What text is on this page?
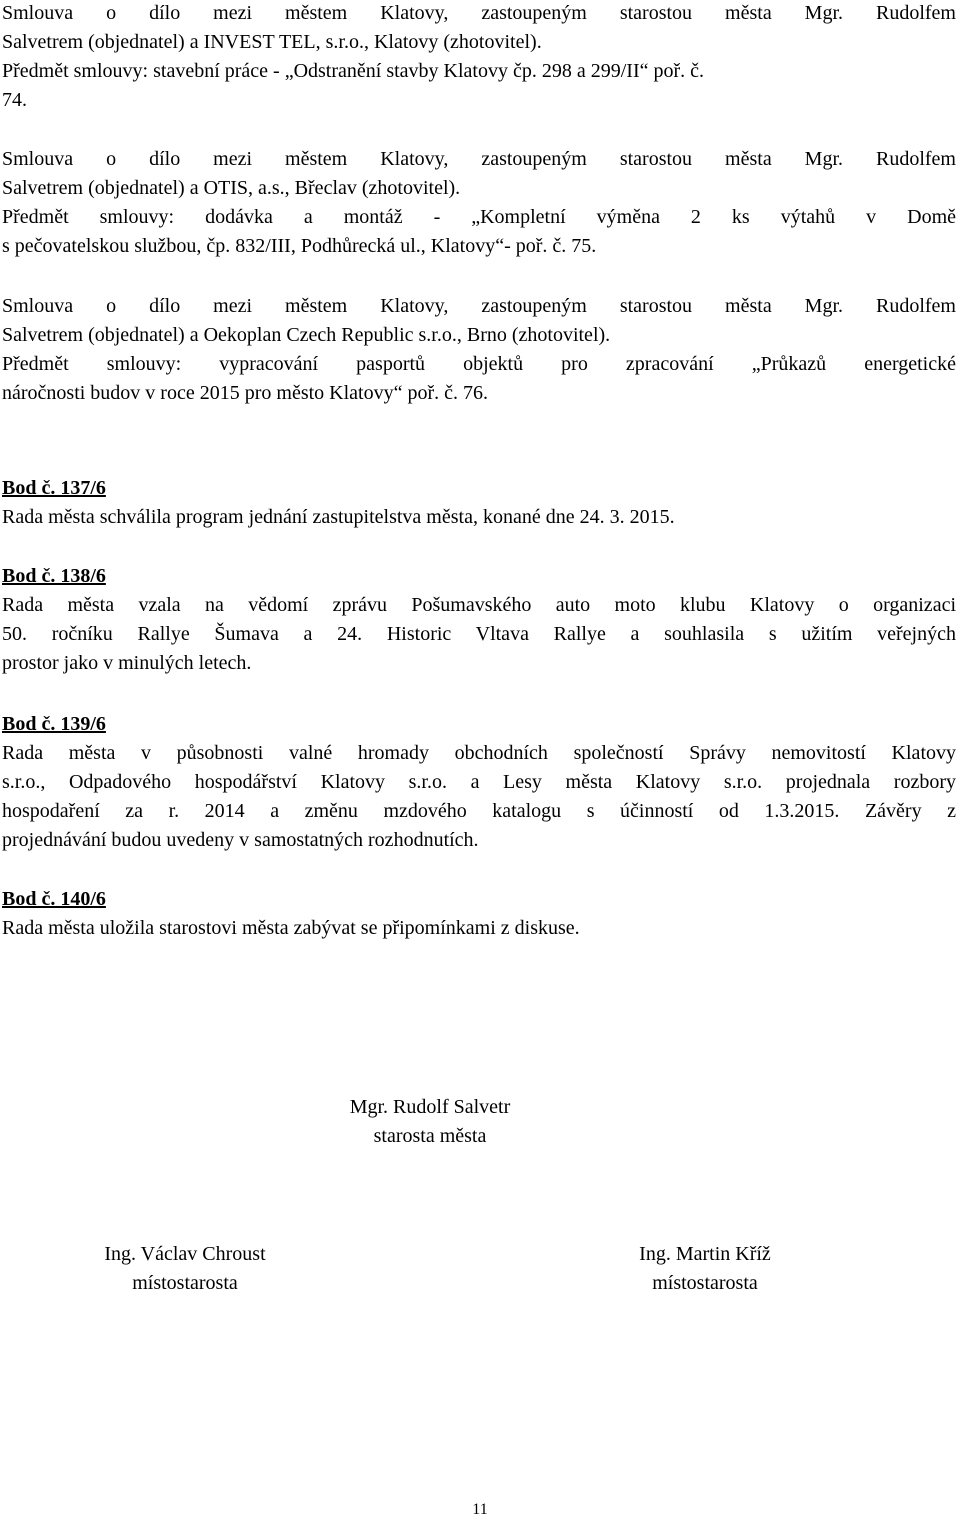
Smlouva o dílo mezi městem Klatovy, zastoupeným starostou města Mgr. Rudolfem
Salvetrem (objednatel) a INVEST TEL, s.r.o., Klatovy (zhotovitel).
Předmět smlouvy: stavební práce - „Odstranění stavby Klatovy čp. 298 a 299/II“ poř. č.
74.
Smlouva o dílo mezi městem Klatovy, zastoupeným starostou města Mgr. Rudolfem
Salvetrem (objednatel) a OTIS, a.s., Břeclav (zhotovitel).
Předmět smlouvy: dodávka a montáž - „Kompletní výměna 2 ks výtahů v Domě
s pečovatelskou službou, čp. 832/III, Podhůrecká ul., Klatovy“- poř. č. 75.
Smlouva o dílo mezi městem Klatovy, zastoupeným starostou města Mgr. Rudolfem
Salvetrem (objednatel) a Oekoplan Czech Republic s.r.o., Brno (zhotovitel).
Předmět smlouvy: vypracování pasportů objektů pro zpracování „Průkazů energetické
náročnosti budov v roce 2015 pro město Klatovy“ poř. č. 76.
Bod č. 137/6
Rada města schválila program jednání zastupitelstva města, konané dne 24. 3. 2015.
Bod č. 138/6
Rada města vzala na vědomí zprávu Pošumavského auto moto klubu Klatovy o organizaci
50. ročníku Rallye Šumava a 24. Historic Vltava Rallye a souhlasila s užitím veřejných
prostor jako v minulých letech.
Bod č. 139/6
Rada města v působnosti valné hromady obchodních společností Správy nemovitostí Klatovy
s.r.o., Odpadového hospodářství Klatovy s.r.o. a Lesy města Klatovy s.r.o. projednala rozbory
hospodaření za r. 2014 a změnu mzdového katalogu s účinností od 1.3.2015. Závěry z
projednávání budou uvedeny v samostatných rozhodnutích.
Bod č. 140/6
Rada města uložila starostovi města zabývat se připomínkami z diskuse.
Mgr. Rudolf Salvetr
starosta města
Ing. Václav Chroust
místostarosta
Ing. Martin Kříž
místostarosta
11
